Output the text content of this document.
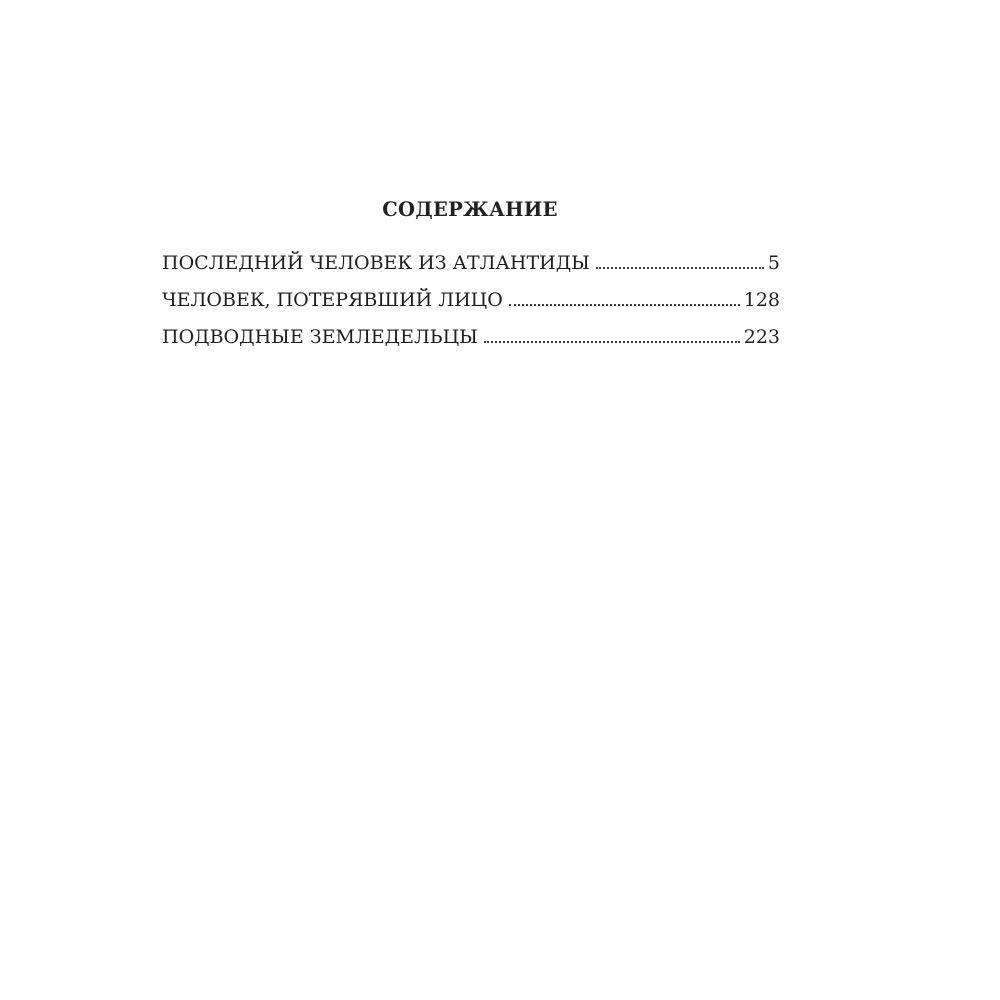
СОДЕРЖАНИЕ
ПОСЛЕДНИЙ ЧЕЛОВЕК ИЗ АТЛАНТИДЫ	5
ЧЕЛОВЕК, ПОТЕРЯВШИЙ ЛИЦО	128
ПОДВОДНЫЕ ЗЕМЛЕДЕЛЬЦЫ	223
